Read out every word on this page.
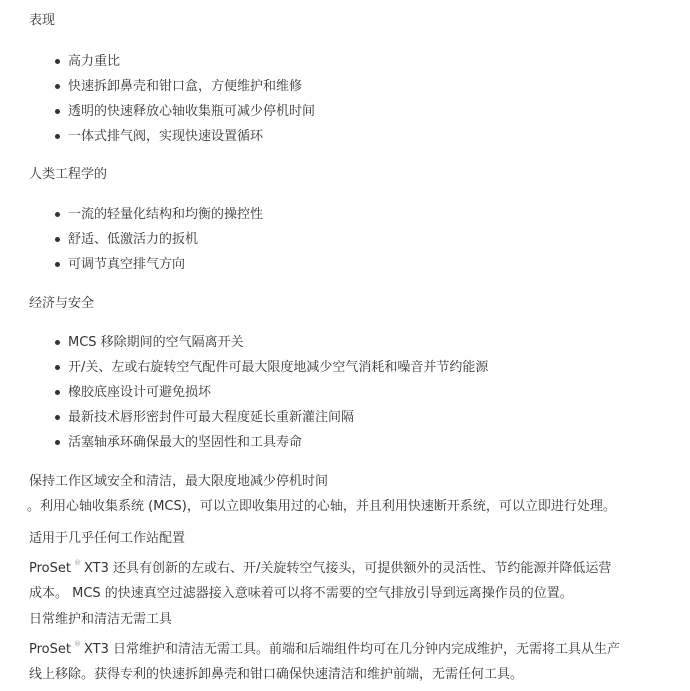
表现
高力重比
快速拆卸鼻壳和钳口盒，方便维护和维修
透明的快速释放心轴收集瓶可减少停机时间
一体式排气阀，实现快速设置循环
人类工程学的
一流的轻量化结构和均衡的操控性
舒适、低激活力的扳机
可调节真空排气方向
经济与安全
MCS 移除期间的空气隔离开关
开/关、左或右旋转空气配件可最大限度地减少空气消耗和噪音并节约能源
橡胶底座设计可避免损坏
最新技术唇形密封件可最大程度延长重新灌注间隔
活塞轴承环确保最大的坚固性和工具寿命
保持工作区域安全和清洁，最大限度地减少停机时间
。利用心轴收集系统 (MCS)，可以立即收集用过的心轴，并且利用快速断开系统，可以立即进行处理。
适用于几乎任何工作站配置
ProSet ® XT3 还具有创新的左或右、开/关旋转空气接头，可提供额外的灵活性、节约能源并降低运营
成本。 MCS 的快速真空过滤器接入意味着可以将不需要的空气排放引导到远离操作员的位置。
日常维护和清洁无需工具
ProSet ® XT3 日常维护和清洁无需工具。前端和后端组件均可在几分钟内完成维护，无需将工具从生产
线上移除。获得专利的快速拆卸鼻壳和钳口确保快速清洁和维护前端，无需任何工具。
